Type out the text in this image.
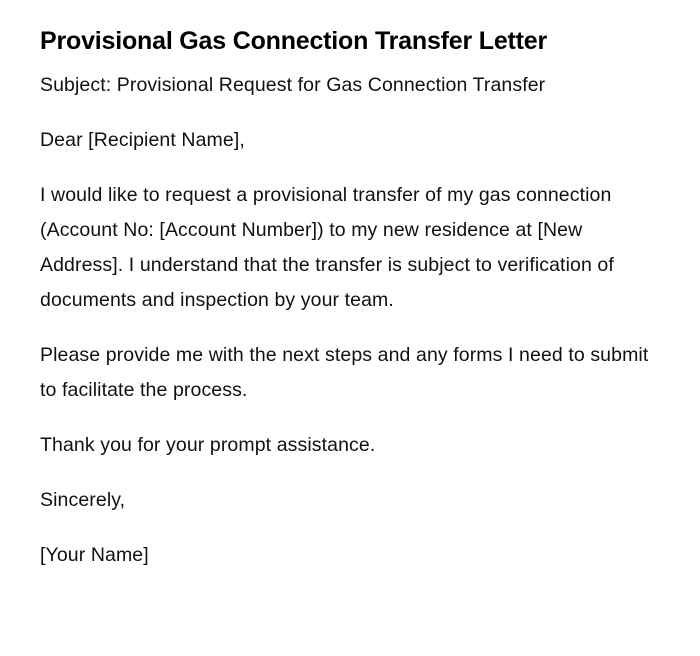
Provisional Gas Connection Transfer Letter

Subject: Provisional Request for Gas Connection Transfer

Dear [Recipient Name],

I would like to request a provisional transfer of my gas connection (Account No: [Account Number]) to my new residence at [New Address]. I understand that the transfer is subject to verification of documents and inspection by your team.

Please provide me with the next steps and any forms I need to submit to facilitate the process.

Thank you for your prompt assistance.

Sincerely,

[Your Name]
